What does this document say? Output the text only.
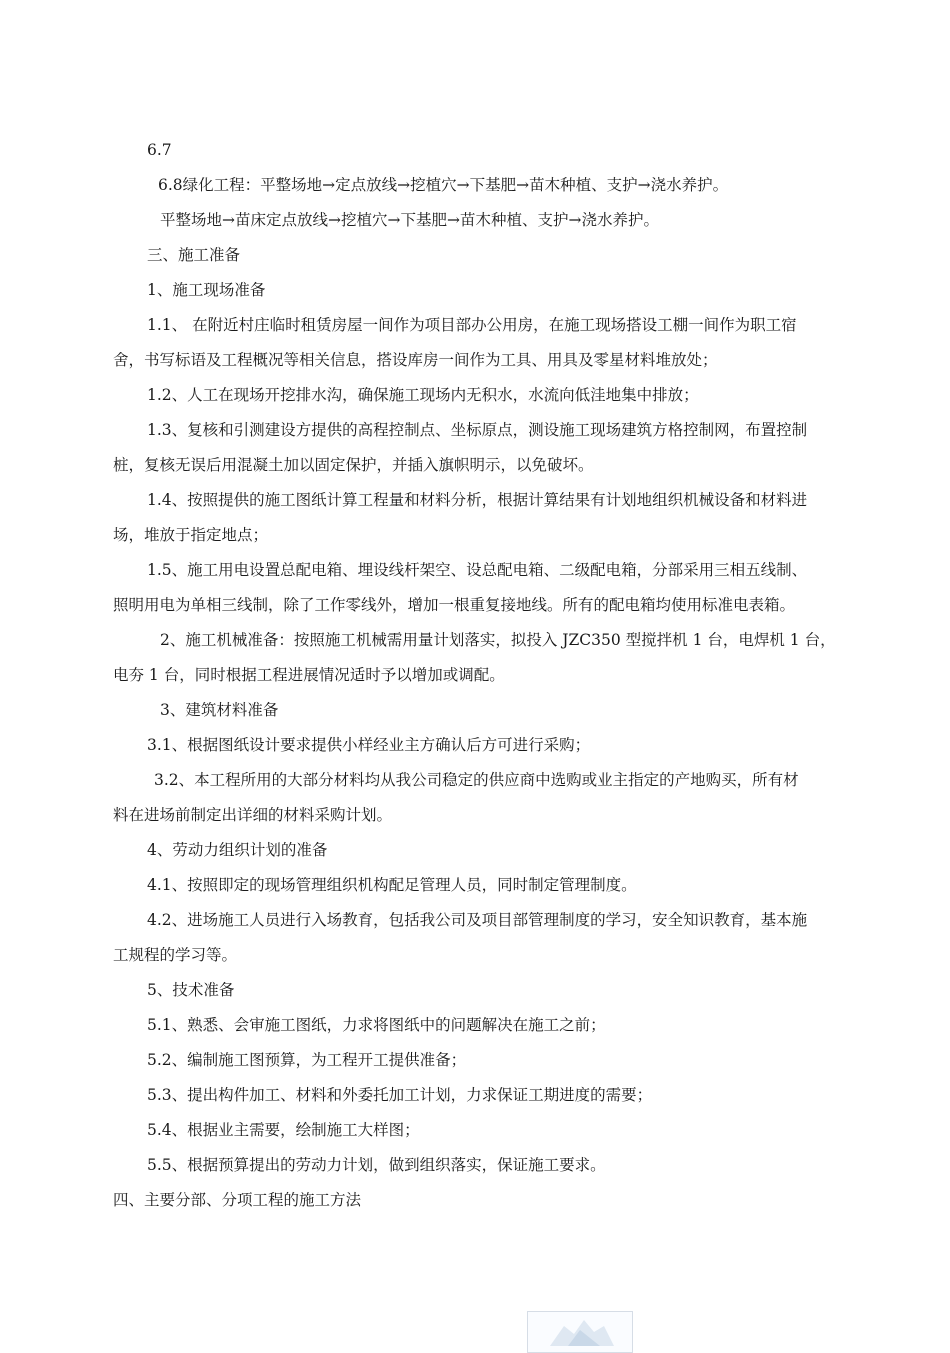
6.7
6.8绿化工程：平整场地→定点放线→挖植穴→下基肥→苗木种植、支护→浇水养护。
平整场地→苗床定点放线→挖植穴→下基肥→苗木种植、支护→浇水养护。
三、施工准备
1、施工现场准备
1.1、 在附近村庄临时租赁房屋一间作为项目部办公用房，在施工现场搭设工棚一间作为职工宿
舍，书写标语及工程概况等相关信息，搭设库房一间作为工具、用具及零星材料堆放处；
1.2、人工在现场开挖排水沟，确保施工现场内无积水，水流向低洼地集中排放；
1.3、复核和引测建设方提供的高程控制点、坐标原点，测设施工现场建筑方格控制网，布置控制
桩，复核无误后用混凝土加以固定保护，并插入旗帜明示，以免破坏。
1.4、按照提供的施工图纸计算工程量和材料分析，根据计算结果有计划地组织机械设备和材料进
场，堆放于指定地点；
1.5、施工用电设置总配电箱、埋设线杆架空、设总配电箱、二级配电箱，分部采用三相五线制、
照明用电为单相三线制，除了工作零线外，增加一根重复接地线。所有的配电箱均使用标准电表箱。
2、施工机械准备：按照施工机械需用量计划落实，拟投入 JZC350 型搅拌机 1 台，电焊机 1 台，
电夯 1 台，同时根据工程进展情况适时予以增加或调配。
3、建筑材料准备
3.1、根据图纸设计要求提供小样经业主方确认后方可进行采购；
3.2、本工程所用的大部分材料均从我公司稳定的供应商中选购或业主指定的产地购买，所有材
料在进场前制定出详细的材料采购计划。
4、劳动力组织计划的准备
4.1、按照即定的现场管理组织机构配足管理人员，同时制定管理制度。
4.2、进场施工人员进行入场教育，包括我公司及项目部管理制度的学习，安全知识教育，基本施
工规程的学习等。
5、技术准备
5.1、熟悉、会审施工图纸，力求将图纸中的问题解决在施工之前；
5.2、编制施工图预算，为工程开工提供准备；
5.3、提出构件加工、材料和外委托加工计划，力求保证工期进度的需要；
5.4、根据业主需要，绘制施工大样图；
5.5、根据预算提出的劳动力计划，做到组织落实，保证施工要求。
四、主要分部、分项工程的施工方法
